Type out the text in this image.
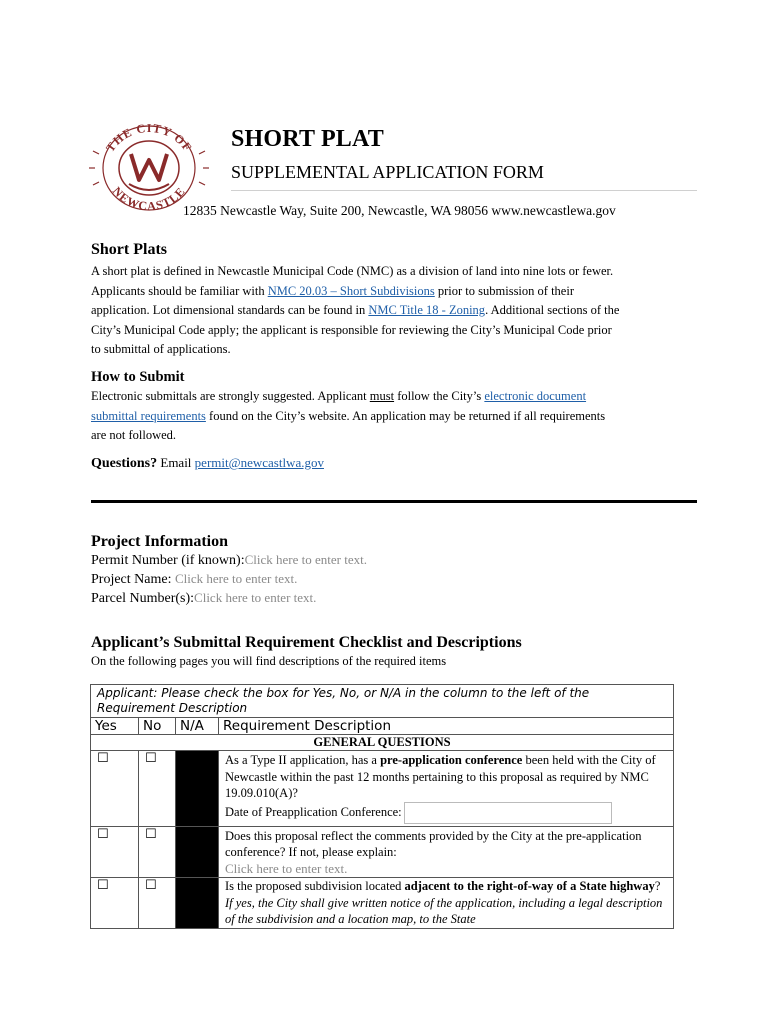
THE CITY OF
NEWCASTLE
SHORT PLAT
SUPPLEMENTAL APPLICATION FORM
12835 Newcastle Way, Suite 200, Newcastle, WA 98056 www.newcastlewa.gov
Short Plats
A short plat is defined in Newcastle Municipal Code (NMC) as a division of land into nine lots or fewer.
Applicants should be familiar with NMC 20.03 – Short Subdivisions prior to submission of their
application. Lot dimensional standards can be found in NMC Title 18 - Zoning. Additional sections of the
City’s Municipal Code apply; the applicant is responsible for reviewing the City’s Municipal Code prior
to submittal of applications.
How to Submit
Electronic submittals are strongly suggested. Applicant must follow the City’s electronic document
submittal requirements found on the City’s website. An application may be returned if all requirements
are not followed.
Questions? Email permit@newcastlwa.gov
Project Information
Permit Number (if known):Click here to enter text.
Project Name: Click here to enter text.
Parcel Number(s):Click here to enter text.
Applicant’s Submittal Requirement Checklist and Descriptions
On the following pages you will find descriptions of the required items
Applicant: Please check the box for Yes, No, or N/A in the column to the left of the Requirement Description			
Yes	No	N/A	Requirement Description
GENERAL QUESTIONS			
☐	☐		As a Type II application, has a pre-application conference been held with the City of Newcastle within the past 12 months pertaining to this proposal as required by NMC 19.09.010(A)?
Date of Preapplication Conference:
☐	☐		Does this proposal reflect the comments provided by the City at the pre-application conference? If not, please explain:
Click here to enter text.
☐	☐		Is the proposed subdivision located adjacent to the right-of-way of a State highway? If yes, the City shall give written notice of the application, including a legal description of the subdivision and a location map, to the State
